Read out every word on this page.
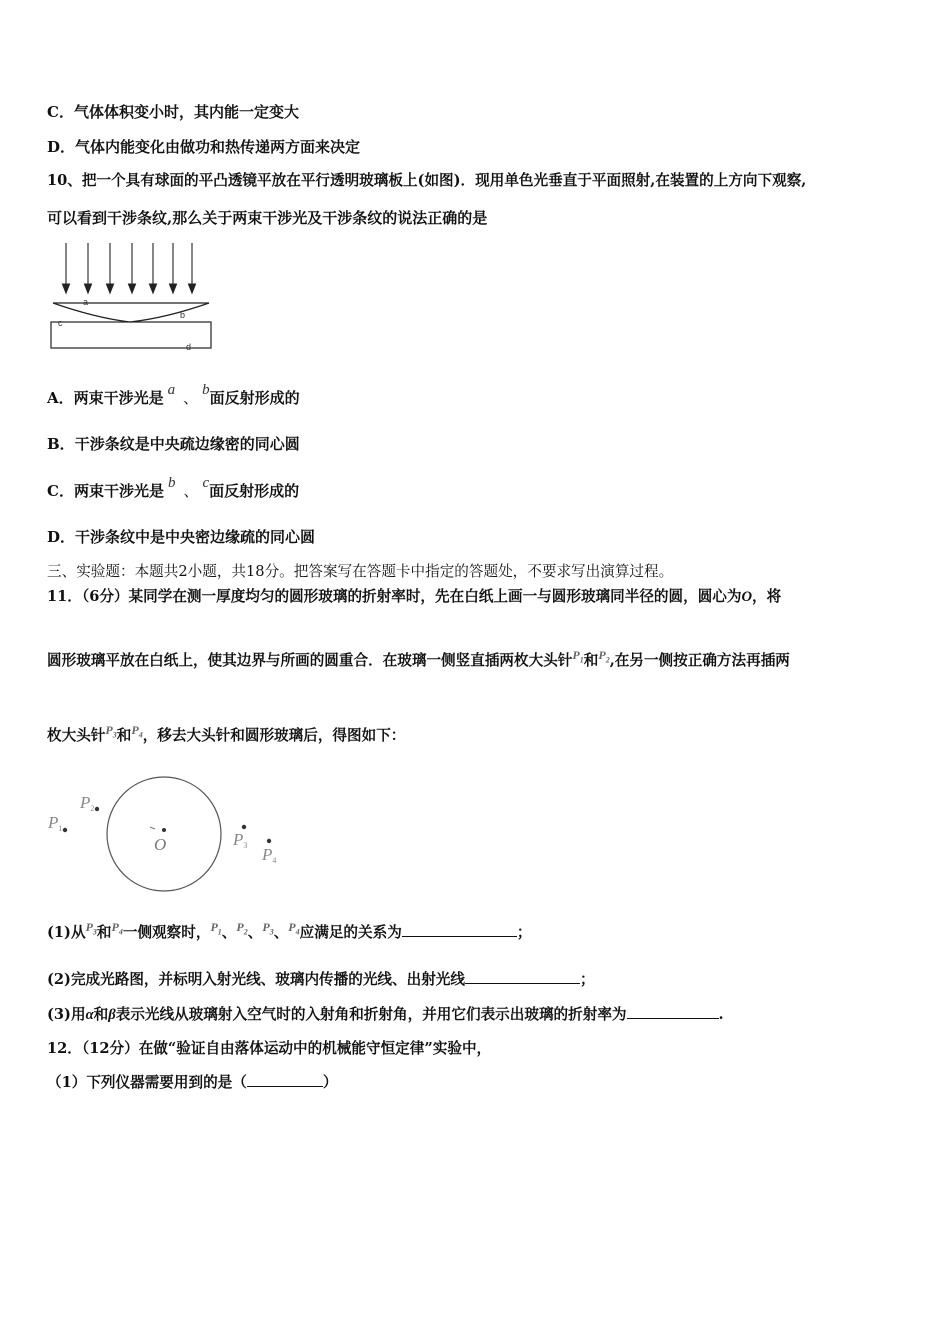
C．气体体积变小时，其内能一定变大
D．气体内能变化由做功和热传递两方面来决定
10、把一个具有球面的平凸透镜平放在平行透明玻璃板上(如图)．现用单色光垂直于平面照射,在装置的上方向下观察,
可以看到干涉条纹,那么关于两束干涉光及干涉条纹的说法正确的是
a
b
c
d
A．两束干涉光是 a 、 b面反射形成的
B．干涉条纹是中央疏边缘密的同心圆
C．两束干涉光是 b 、 c面反射形成的
D．干涉条纹中是中央密边缘疏的同心圆
三、实验题：本题共2小题，共18分。把答案写在答题卡中指定的答题处，不要求写出演算过程。
11．（6分）某同学在测一厚度均匀的圆形玻璃的折射率时，先在白纸上画一与圆形玻璃同半径的圆，圆心为O，将
圆形玻璃平放在白纸上，使其边界与所画的圆重合．在玻璃一侧竖直插两枚大头针$^{P_1}$和$^{P_2}$,在另一侧按正确方法再插两
枚大头针$^{P_3}$和$^{P_4}$，移去大头针和圆形玻璃后，得图如下：
O
P1
P2
P3 P4
(1)从$^{P_3}$和$^{P_4}$一侧观察时，$^{P_1}$、$^{P_2}$、$^{P_3}$、$^{P_4}$应满足的关系为	；
(2)完成光路图，并标明入射光线、玻璃内传播的光线、出射光线	；
(3)用α和β表示光线从玻璃射入空气时的入射角和折射角，并用它们表示出玻璃的折射率为	.
12．（12分）在做“验证自由落体运动中的机械能守恒定律”实验中，
（1）下列仪器需要用到的是（	）
